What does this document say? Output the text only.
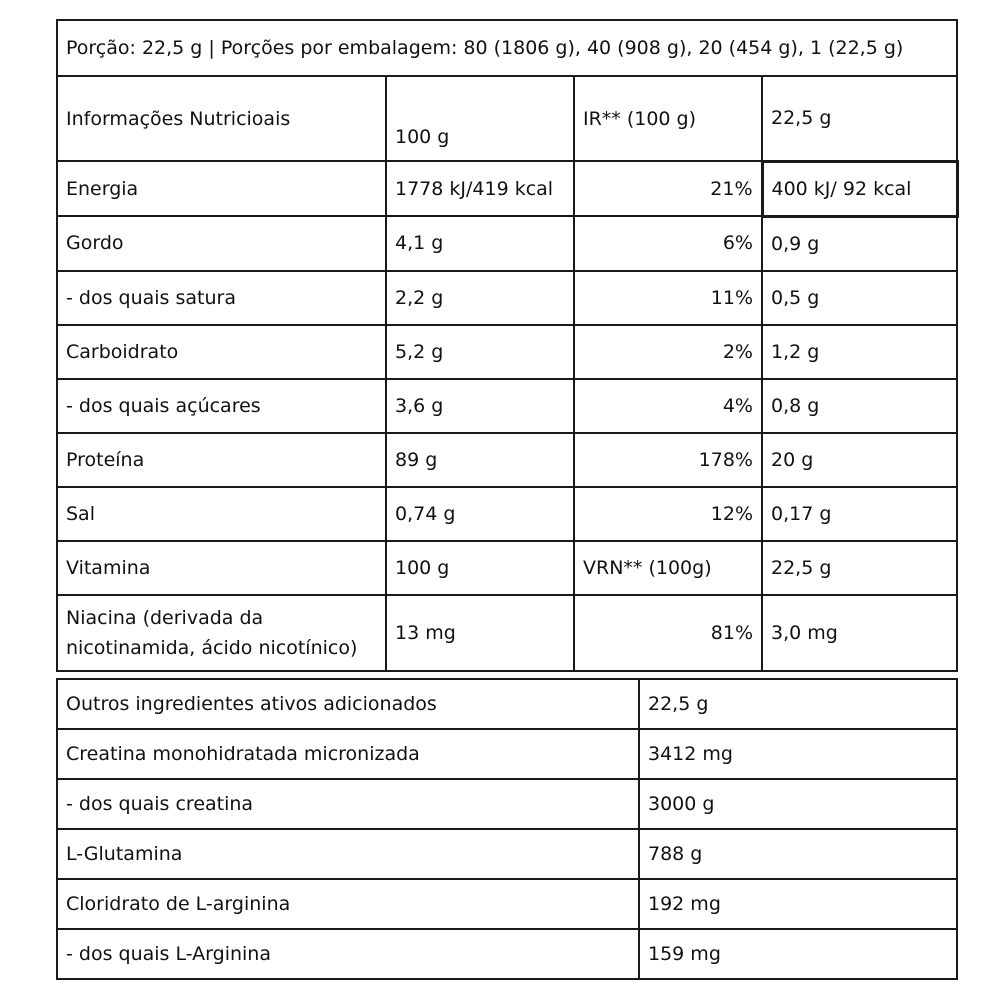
Porção: 22,5 g | Porções por embalagem: 80 (1806 g), 40 (908 g), 20 (454 g), 1 (22,5 g)			
Informações Nutricioais	100 g	IR** (100 g)	22,5 g
Energia	1778 kJ/419 kcal	21%	400 kJ/ 92 kcal
Gordo	4,1 g	6%	0,9 g
- dos quais satura	2,2 g	11%	0,5 g
Carboidrato	5,2 g	2%	1,2 g
- dos quais açúcares	3,6 g	4%	0,8 g
Proteína	89 g	178%	20 g
Sal	0,74 g	12%	0,17 g
Vitamina	100 g	VRN** (100g)	22,5 g
Niacina (derivada da nicotinamida, ácido nicotínico)	13 mg	81%	3,0 mg
Outros ingredientes ativos adicionados	22,5 g
Creatina monohidratada micronizada	3412 mg
- dos quais creatina	3000 g
L-Glutamina	788 g
Cloridrato de L-arginina	192 mg
- dos quais L-Arginina	159 mg
